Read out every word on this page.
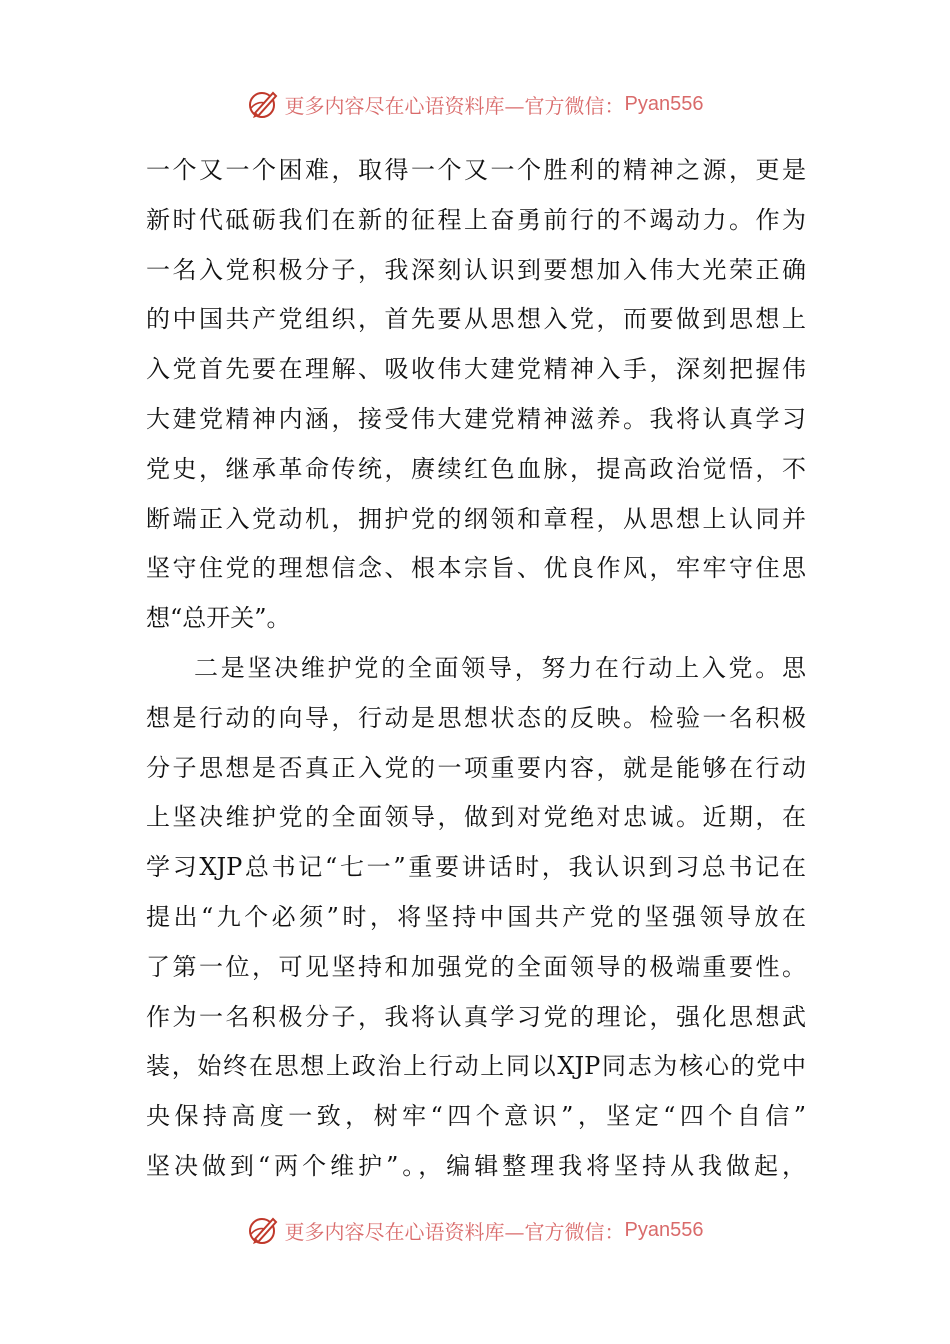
更多内容尽在心语资料库—官方微信： Pyan556
一个又一个困难，取得一个又一个胜利的精神之源，更是
新时代砥砺我们在新的征程上奋勇前行的不竭动力。作为
一名入党积极分子，我深刻认识到要想加入伟大光荣正确
的中国共产党组织，首先要从思想入党，而要做到思想上
入党首先要在理解、吸收伟大建党精神入手，深刻把握伟
大建党精神内涵，接受伟大建党精神滋养。我将认真学习
党史，继承革命传统，赓续红色血脉，提高政治觉悟，不
断端正入党动机，拥护党的纲领和章程，从思想上认同并
坚守住党的理想信念、根本宗旨、优良作风，牢牢守住思
想“总开关”。
二是坚决维护党的全面领导，努力在行动上入党。思
想是行动的向导，行动是思想状态的反映。检验一名积极
分子思想是否真正入党的一项重要内容，就是能够在行动
上坚决维护党的全面领导，做到对党绝对忠诚。近期，在
学习XJP总书记“七一”重要讲话时，我认识到习总书记在
提出“九个必须”时，将坚持中国共产党的坚强领导放在
了第一位，可见坚持和加强党的全面领导的极端重要性。
作为一名积极分子，我将认真学习党的理论，强化思想武
装，始终在思想上政治上行动上同以XJP同志为核心的党中
央保持高度一致，树牢“四个意识”，坚定“四个自信”
坚决做到“两个维护”。，编辑整理我将坚持从我做起，
更多内容尽在心语资料库—官方微信： Pyan556
